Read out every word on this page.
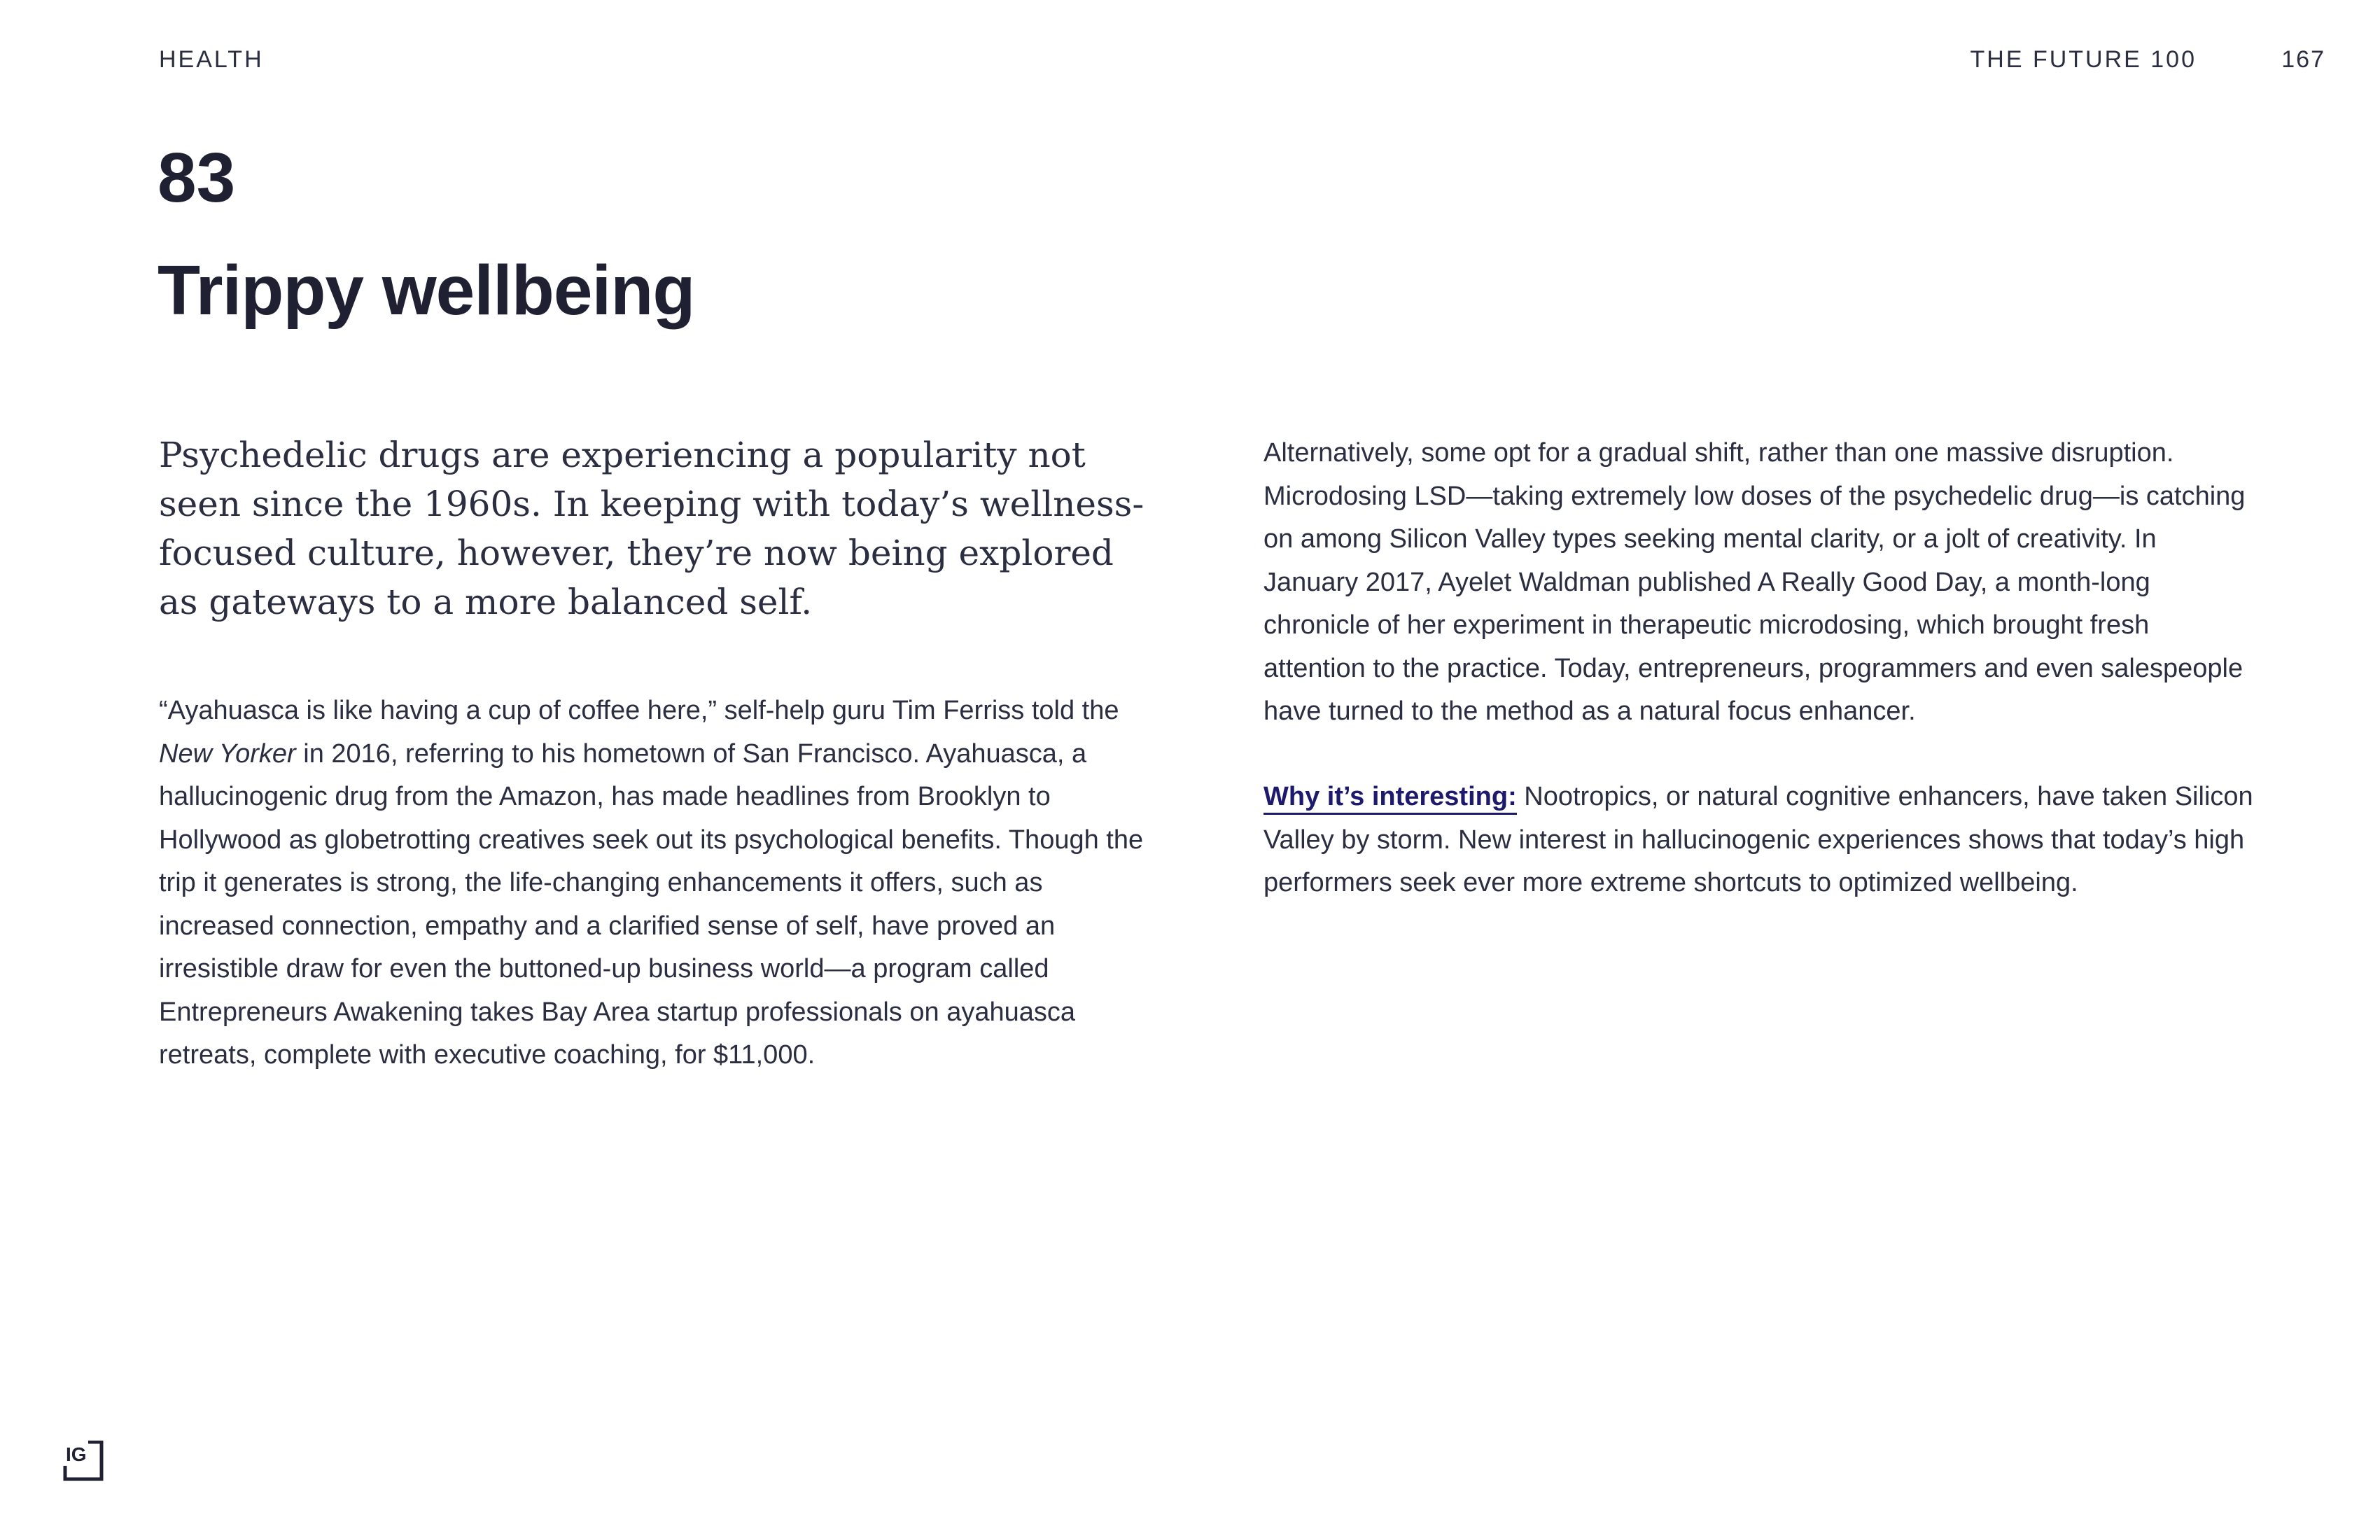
HEALTH	THE FUTURE 100	167
83
Trippy wellbeing

Psychedelic drugs are experiencing a popularity not seen since the 1960s. In keeping with today’s wellness-focused culture, however, they’re now being explored as gateways to a more balanced self.

“Ayahuasca is like having a cup of coffee here,” self-help guru Tim Ferriss told the New Yorker in 2016, referring to his hometown of San Francisco. Ayahuasca, a hallucinogenic drug from the Amazon, has made headlines from Brooklyn to Hollywood as globetrotting creatives seek out its psychological benefits. Though the trip it generates is strong, the life-changing enhancements it offers, such as increased connection, empathy and a clarified sense of self, have proved an irresistible draw for even the buttoned-up business world—a program called Entrepreneurs Awakening takes Bay Area startup professionals on ayahuasca retreats, complete with executive coaching, for $11,000.

Alternatively, some opt for a gradual shift, rather than one massive disruption. Microdosing LSD—taking extremely low doses of the psychedelic drug—is catching on among Silicon Valley types seeking mental clarity, or a jolt of creativity. In January 2017, Ayelet Waldman published A Really Good Day, a month-long chronicle of her experiment in therapeutic microdosing, which brought fresh attention to the practice. Today, entrepreneurs, programmers and even salespeople have turned to the method as a natural focus enhancer.

Why it’s interesting: Nootropics, or natural cognitive enhancers, have taken Silicon Valley by storm. New interest in hallucinogenic experiences shows that today’s high performers seek ever more extreme shortcuts to optimized wellbeing.

IG
